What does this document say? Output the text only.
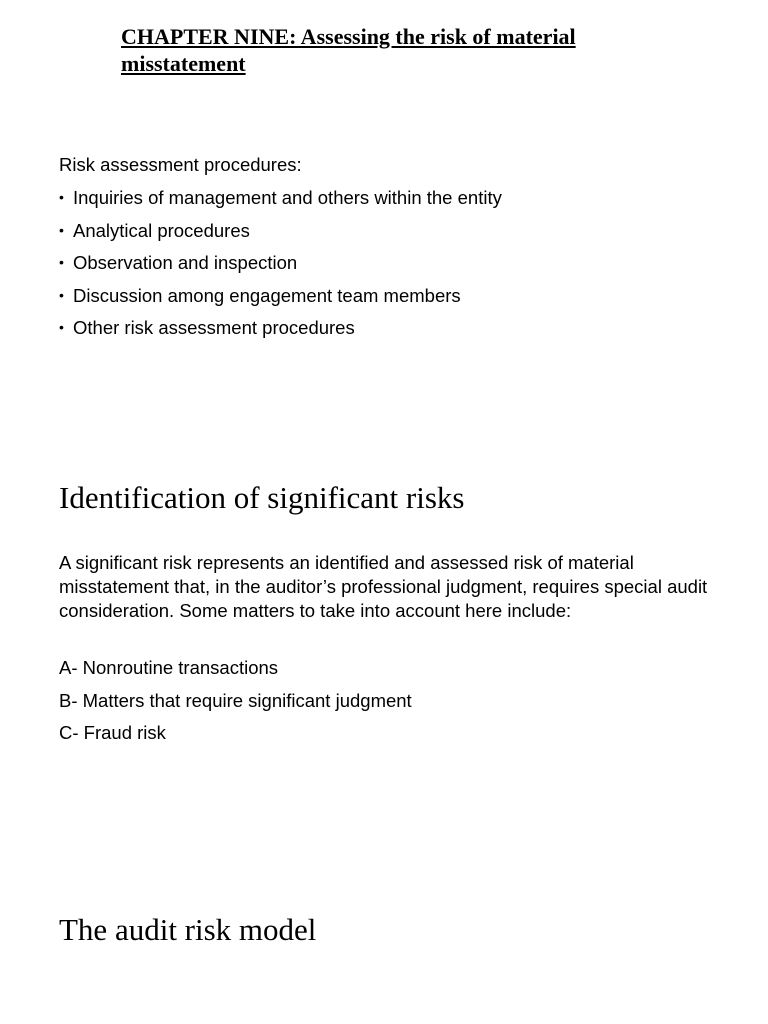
CHAPTER NINE: Assessing the risk of material misstatement

Risk assessment procedures:

• Inquiries of management and others within the entity
• Analytical procedures
• Observation and inspection
• Discussion among engagement team members
• Other risk assessment procedures
Identification of significant risks

A significant risk represents an identified and assessed risk of material misstatement that, in the auditor’s professional judgment, requires special audit consideration. Some matters to take into account here include:

A- Nonroutine transactions
B- Matters that require significant judgment
C- Fraud risk
The audit risk model
